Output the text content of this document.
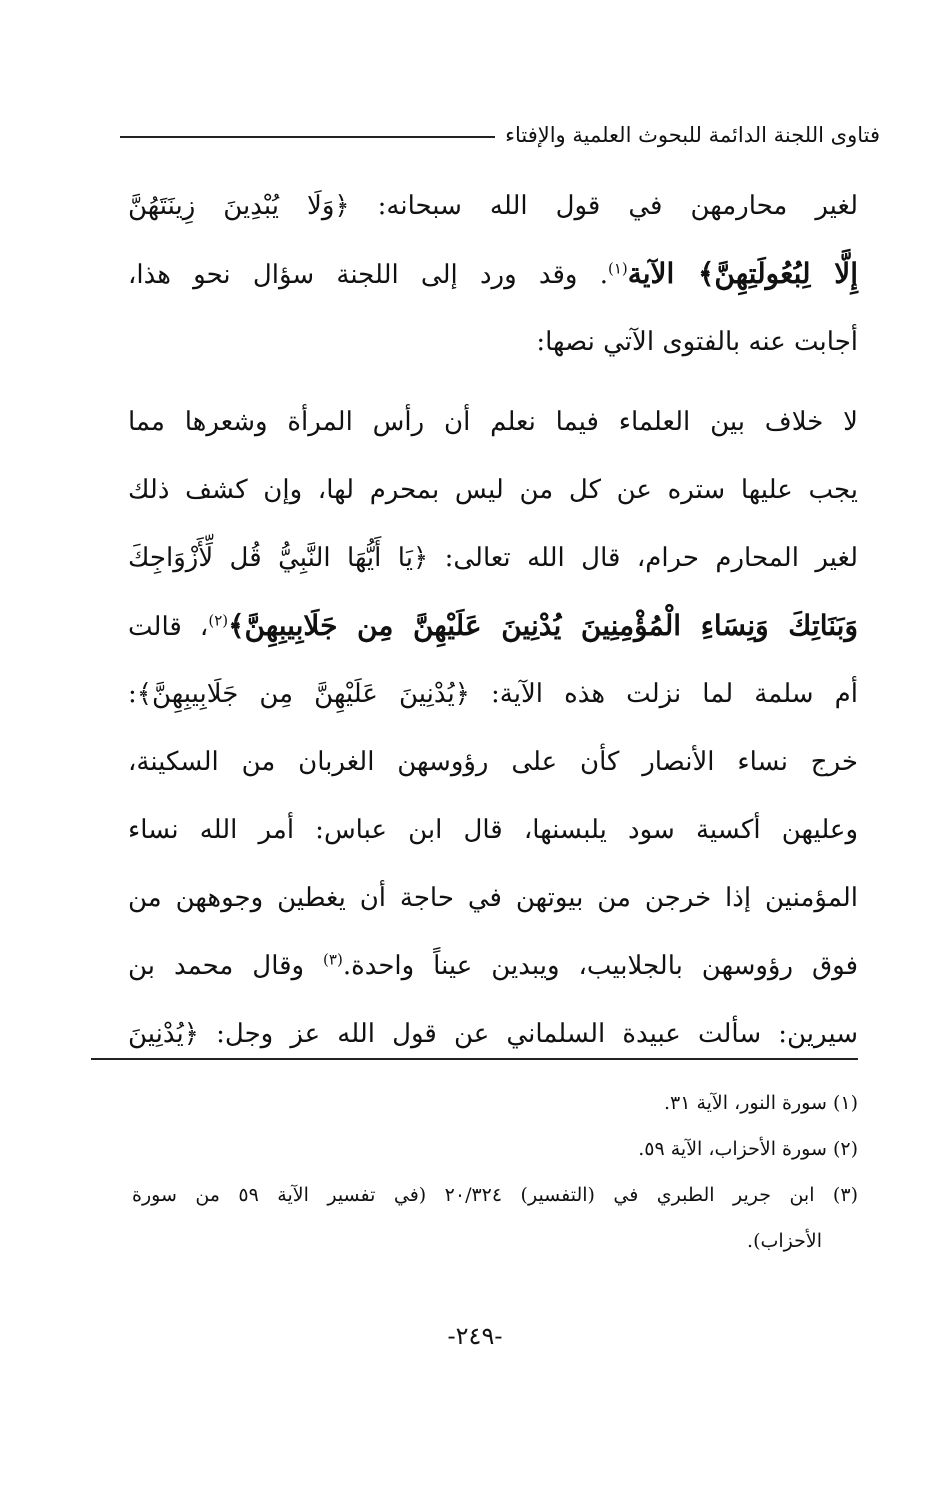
فتاوى اللجنة الدائمة للبحوث العلمية والإفتاء
لغير محارمهن في قول الله سبحانه: ﴿وَلَا يُبْدِينَ زِينَتَهُنَّ
إِلَّا لِبُعُولَتِهِنَّ﴾ الآية$^{(١)}$. وقد ورد إلى اللجنة سؤال نحو هذا،
أجابت عنه بالفتوى الآتي نصها:
لا خلاف بين العلماء فيما نعلم أن رأس المرأة وشعرها مما
يجب عليها ستره عن كل من ليس بمحرم لها، وإن كشف ذلك
لغير المحارم حرام، قال الله تعالى: ﴿يَا أَيُّهَا النَّبِيُّ قُل لِّأَزْوَاجِكَ
وَبَنَاتِكَ وَنِسَاءِ الْمُؤْمِنِينَ يُدْنِينَ عَلَيْهِنَّ مِن جَلَابِيبِهِنَّ﴾$^{(٢)}$، قالت
أم سلمة لما نزلت هذه الآية: ﴿يُدْنِينَ عَلَيْهِنَّ مِن جَلَابِيبِهِنَّ﴾:
خرج نساء الأنصار كأن على رؤوسهن الغربان من السكينة،
وعليهن أكسية سود يلبسنها، قال ابن عباس: أمر الله نساء
المؤمنين إذا خرجن من بيوتهن في حاجة أن يغطين وجوههن من
فوق رؤوسهن بالجلابيب، ويبدين عيناً واحدة.$^{(٣)}$ وقال محمد بن
سيرين: سألت عبيدة السلماني عن قول الله عز وجل: ﴿يُدْنِينَ
(١) سورة النور، الآية ٣١.
(٢) سورة الأحزاب، الآية ٥٩.
(٣) ابن جرير الطبري في (التفسير) ٢٠/٣٢٤ (في تفسير الآية ٥٩ من سورة
الأحزاب).
-٢٤٩-
